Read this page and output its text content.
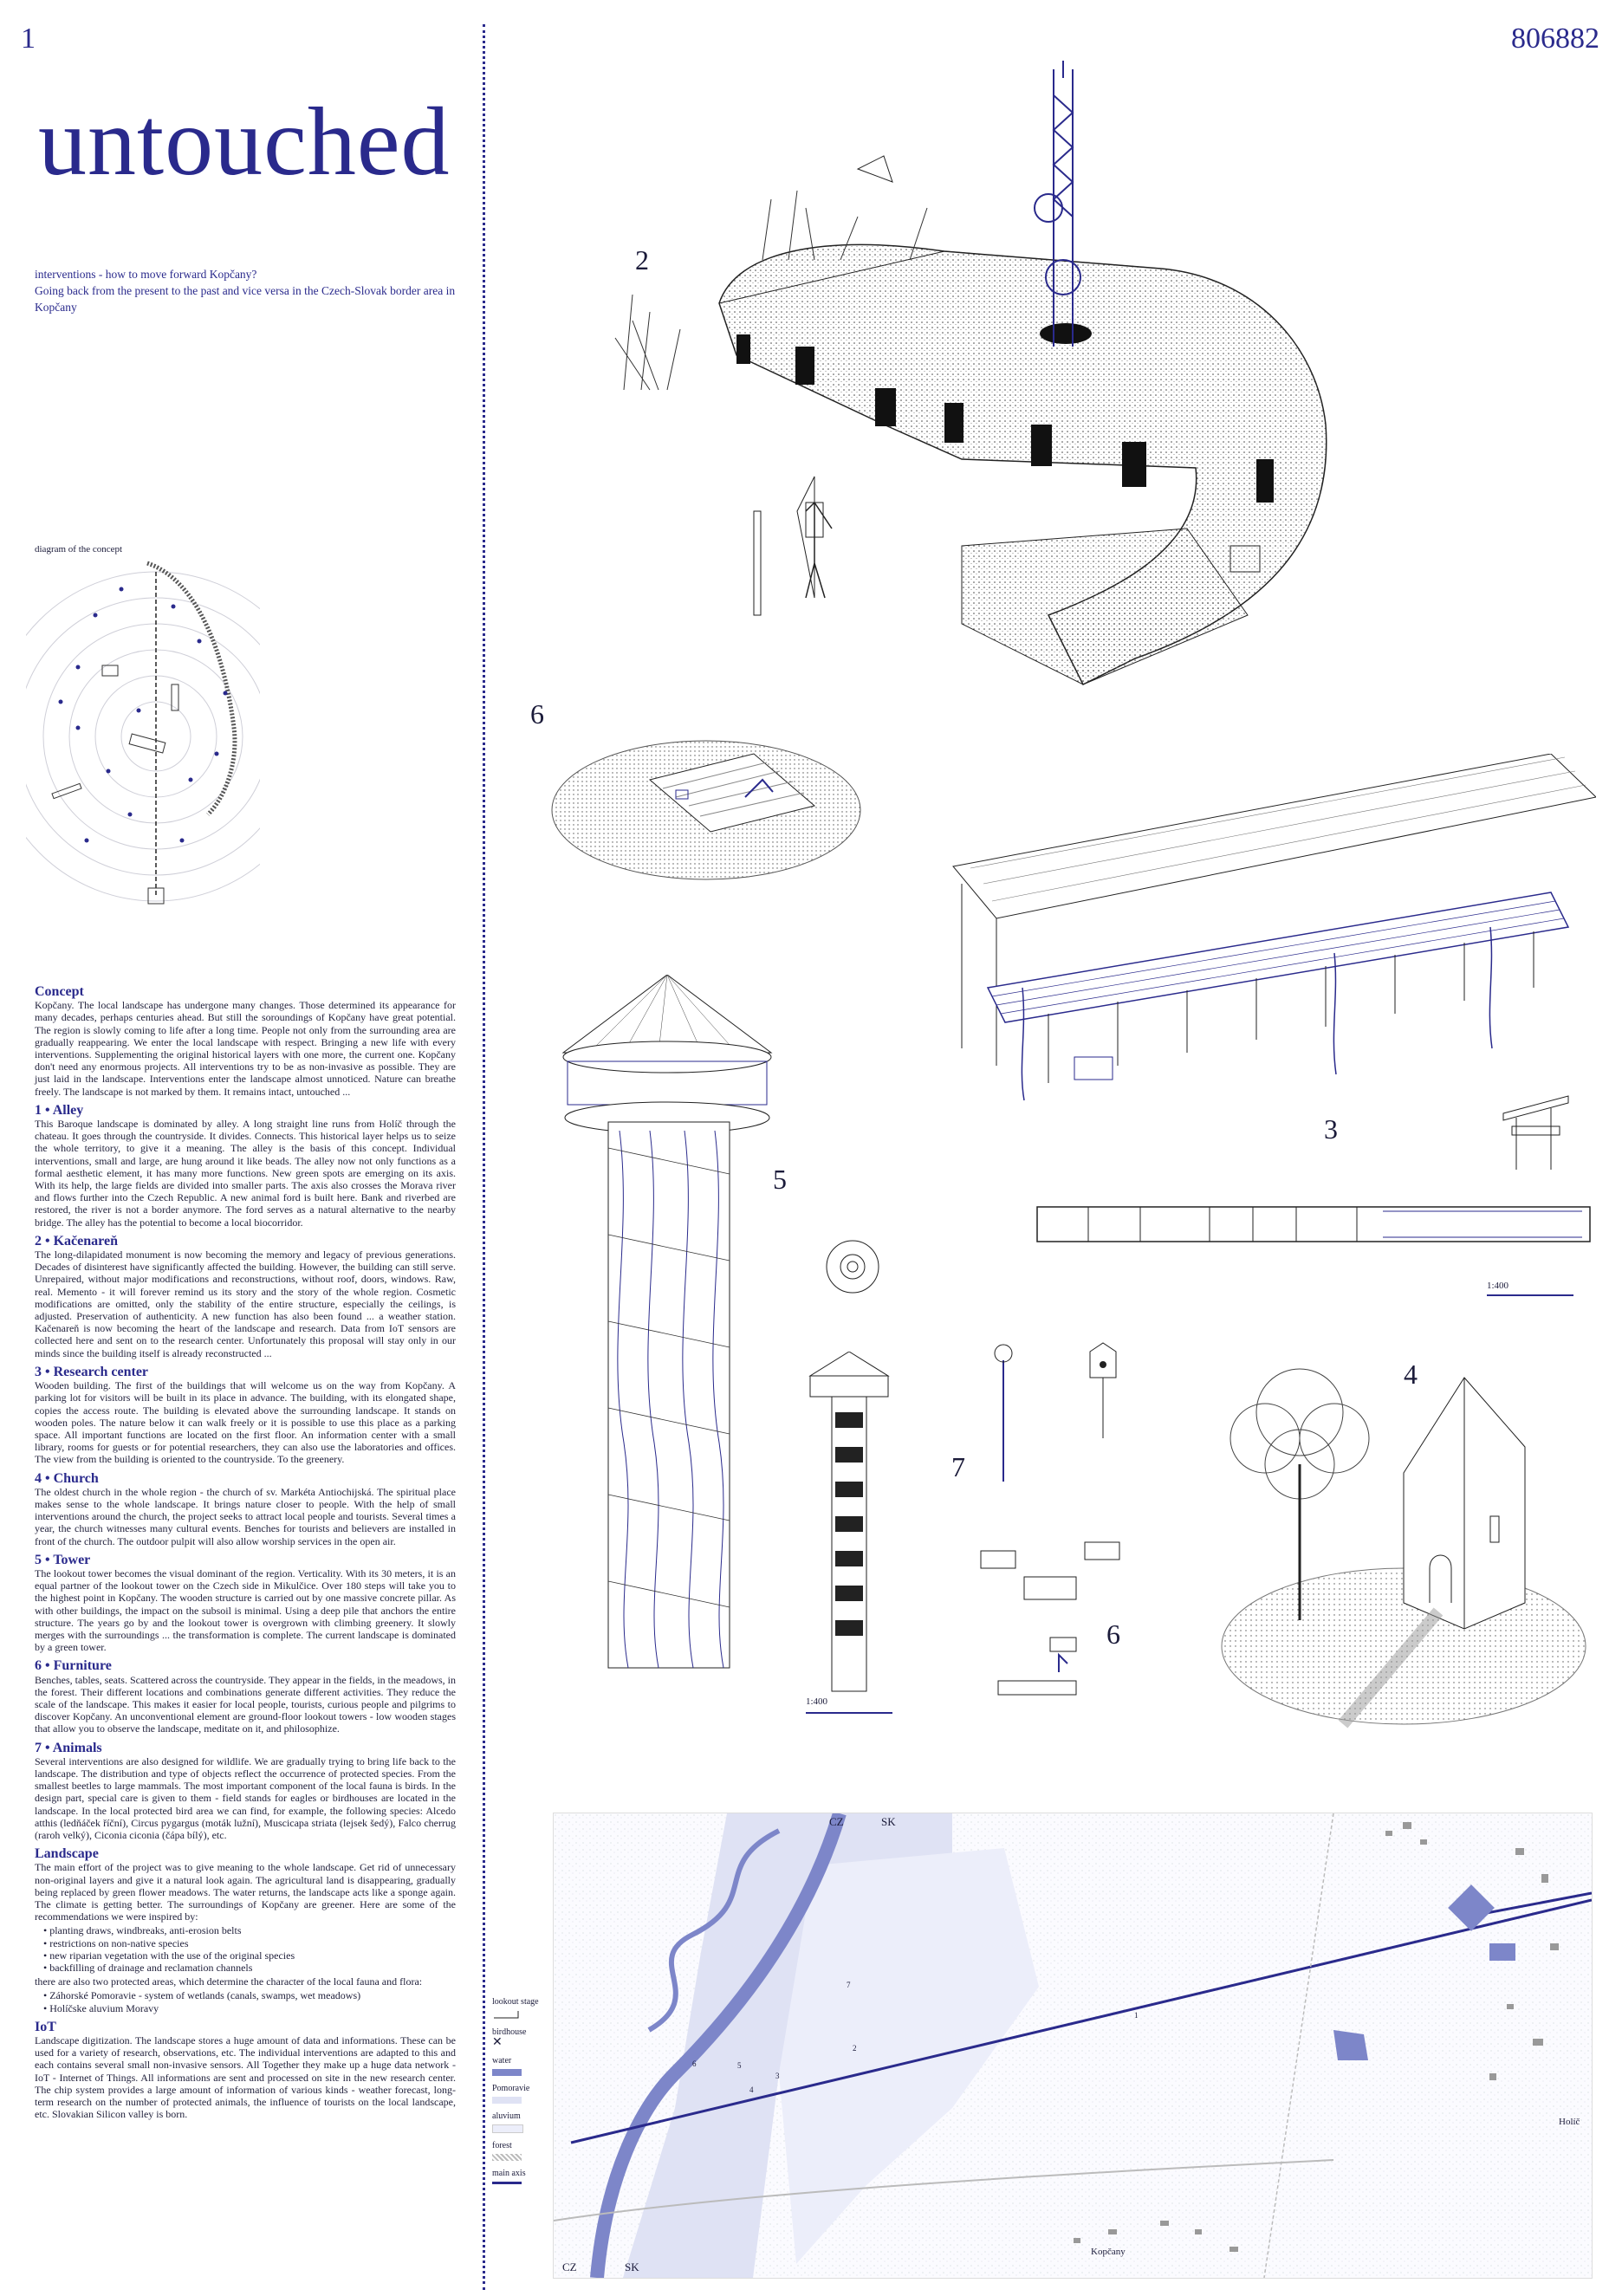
1	806882
untouched
interventions - how to move forward Kopčany?
Going back from the present to the past and vice versa in the Czech-Slovak border area in Kopčany
diagram of the concept
Concept

Kopčany. The local landscape has undergone many changes. Those determined its appearance for many decades, perhaps centuries ahead. But still the soroundings of Kopčany have great potential. The region is slowly coming to life after a long time. People not only from the surrounding area are gradually reappearing. We enter the local landscape with respect. Bringing a new life with every interventions. Supplementing the original historical layers with one more, the current one. Kopčany don't need any enormous projects. All interventions try to be as non-invasive as possible. They are just laid in the landscape. Interventions enter the landscape almost unnoticed. Nature can breathe freely. The landscape is not marked by them. It remains intact, untouched ...

1 • Alley

This Baroque landscape is dominated by alley. A long straight line runs from Holíč through the chateau. It goes through the countryside. It divides. Connects. This historical layer helps us to seize the whole territory, to give it a meaning. The alley is the basis of this concept. Individual interventions, small and large, are hung around it like beads. The alley now not only functions as a formal aesthetic element, it has many more functions. New green spots are emerging on its axis. With its help, the large fields are divided into smaller parts. The axis also crosses the Morava river and flows further into the Czech Republic. A new animal ford is built here. Bank and riverbed are restored, the river is not a border anymore. The ford serves as a natural alternative to the nearby bridge. The alley has the potential to become a local biocorridor.

2 • Kačenareň

The long-dilapidated monument is now becoming the memory and legacy of previous generations. Decades of disinterest have significantly affected the building. However, the building can still serve. Unrepaired, without major modifications and reconstructions, without roof, doors, windows. Raw, real. Memento - it will forever remind us its story and the story of the whole region. Cosmetic modifications are omitted, only the stability of the entire structure, especially the ceilings, is adjusted. Preservation of authenticity. A new function has also been found ... a weather station. Kačenareň is now becoming the heart of the landscape and research. Data from IoT sensors are collected here and sent on to the research center. Unfortunately this proposal will stay only in our minds since the building itself is already reconstructed ...

3 • Research center

Wooden building. The first of the buildings that will welcome us on the way from Kopčany. A parking lot for visitors will be built in its place in advance. The building, with its elongated shape, copies the access route. The building is elevated above the surrounding landscape. It stands on wooden poles. The nature below it can walk freely or it is possible to use this place as a parking space. All important functions are located on the first floor. An information center with a small library, rooms for guests or for potential researchers, they can also use the laboratories and offices. The view from the building is oriented to the countryside. To the greenery.

4 • Church

The oldest church in the whole region - the church of sv. Markéta Antiochijská. The spiritual place makes sense to the whole landscape. It brings nature closer to people. With the help of small interventions around the church, the project seeks to attract local people and tourists. Several times a year, the church witnesses many cultural events. Benches for tourists and believers are installed in front of the church. The outdoor pulpit will also allow worship services in the open air.

5 • Tower

The lookout tower becomes the visual dominant of the region. Verticality. With its 30 meters, it is an equal partner of the lookout tower on the Czech side in Mikulčice. Over 180 steps will take you to the highest point in Kopčany. The wooden structure is carried out by one massive concrete pillar. As with other buildings, the impact on the subsoil is minimal. Using a deep pile that anchors the entire structure. The years go by and the lookout tower is overgrown with climbing greenery. It slowly merges with the surroundings ... the transformation is complete. The current landscape is dominated by a green tower.

6 • Furniture

Benches, tables, seats. Scattered across the countryside. They appear in the fields, in the meadows, in the forest. Their different locations and combinations generate different activities. They reduce the scale of the landscape. This makes it easier for local people, tourists, curious people and pilgrims to discover Kopčany. An unconventional element are ground-floor lookout towers - low wooden stages that allow you to observe the landscape, meditate on it, and philosophize.

7 • Animals

Several interventions are also designed for wildlife. We are gradually trying to bring life back to the landscape. The distribution and type of objects reflect the occurrence of protected species. From the smallest beetles to large mammals. The most important component of the local fauna is birds. In the design part, special care is given to them - field stands for eagles or birdhouses are located in the landscape. In the local protected bird area we can find, for example, the following species: Alcedo atthis (ledňáček říční), Circus pygargus (moták lužní), Muscicapa striata (lejsek šedý), Falco cherrug (raroh velký), Ciconia ciconia (čápa bílý), etc.

Landscape

The main effort of the project was to give meaning to the whole landscape. Get rid of unnecessary non-original layers and give it a natural look again. The agricultural land is disappearing, gradually being replaced by green flower meadows. The water returns, the landscape acts like a sponge again. The climate is getting better. The surroundings of Kopčany are greener. Here are some of the recommendations we were inspired by:

• planting draws, windbreaks, anti-erosion belts
• restrictions on non-native species
• new riparian vegetation with the use of the original species
• backfilling of drainage and reclamation channels

there are also two protected areas, which determine the character of the local fauna and flora:

• Záhorské Pomoravie - system of wetlands (canals, swamps, wet meadows)
• Holíčske aluvium Moravy
IoT

Landscape digitization. The landscape stores a huge amount of data and informations. These can be used for a variety of research, observations, etc. The individual interventions are adapted to this and each contains several small non-invasive sensors. All Together they make up a huge data network - IoT - Internet of Things. All informations are sent and processed on site in the new research center. The chip system provides a large amount of information of various kinds - weather forecast, long-term research on the number of protected animals, the influence of tourists on the local landscape, etc. Slovakian Silicon valley is born.

2
6
3
1:400
5
1:400
7
6
4
lookout stage
birdhouse
✕
water
Pomoravie
aluvium
forest
main axis
CZ	SK
CZ	SK
Holíč
Kopčany
1
2
3
4
5
6
7
